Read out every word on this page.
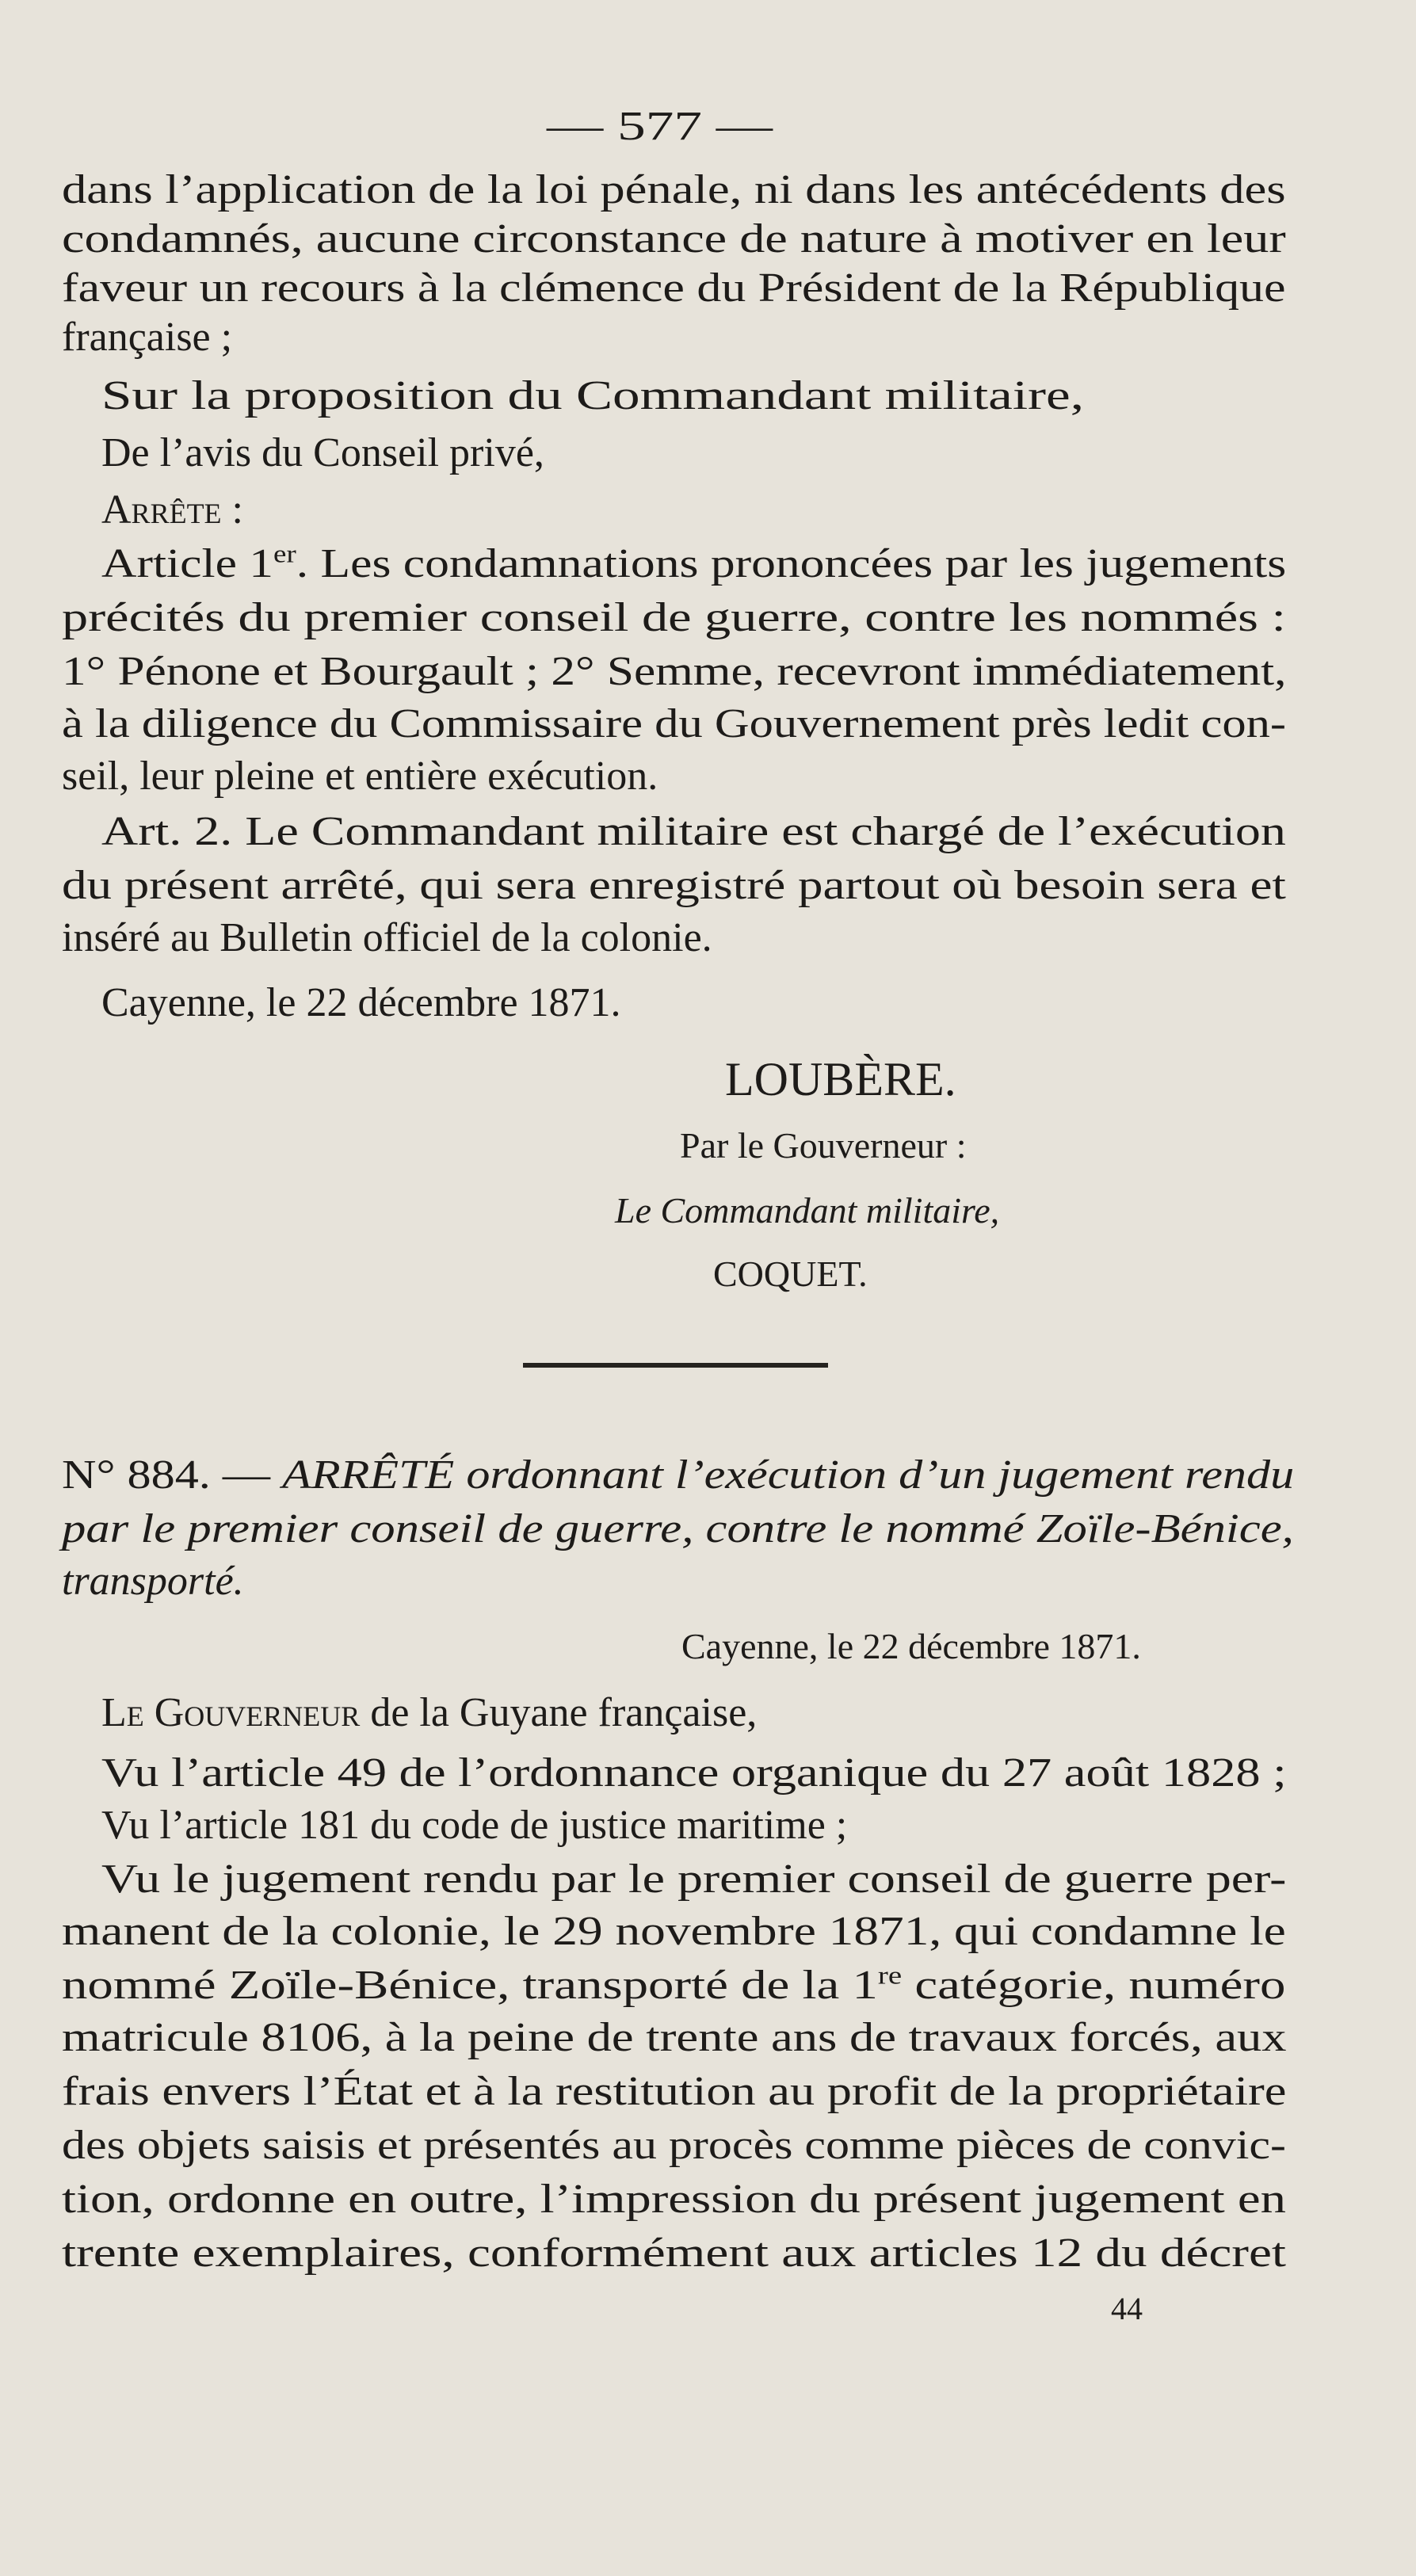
— 577 —
dans l’application de la loi pénale, ni dans les antécédents des
condamnés, aucune circonstance de nature à motiver en leur
faveur un recours à la clémence du Président de la République
française ;
Sur la proposition du Commandant militaire,
De l’avis du Conseil privé,
Arrête :
Article 1er. Les condamnations prononcées par les jugements
précités du premier conseil de guerre, contre les nommés :
1° Pénone et Bourgault ; 2° Semme, recevront immédiatement,
à la diligence du Commissaire du Gouvernement près ledit con-
seil, leur pleine et entière exécution.
Art. 2. Le Commandant militaire est chargé de l’exécution
du présent arrêté, qui sera enregistré partout où besoin sera et
inséré au Bulletin officiel de la colonie.
Cayenne, le 22 décembre 1871.
LOUBÈRE.
Par le Gouverneur :
Le Commandant militaire,
COQUET.
N° 884. — ARRÊTÉ ordonnant l’exécution d’un jugement rendu
par le premier conseil de guerre, contre le nommé Zoïle-Bénice,
transporté.
Cayenne, le 22 décembre 1871.
Le Gouverneur de la Guyane française,
Vu l’article 49 de l’ordonnance organique du 27 août 1828 ;
Vu l’article 181 du code de justice maritime ;
Vu le jugement rendu par le premier conseil de guerre per-
manent de la colonie, le 29 novembre 1871, qui condamne le
nommé Zoïle-Bénice, transporté de la 1re catégorie, numéro
matricule 8106, à la peine de trente ans de travaux forcés, aux
frais envers l’État et à la restitution au profit de la propriétaire
des objets saisis et présentés au procès comme pièces de convic-
tion, ordonne en outre, l’impression du présent jugement en
trente exemplaires, conformément aux articles 12 du décret
44
